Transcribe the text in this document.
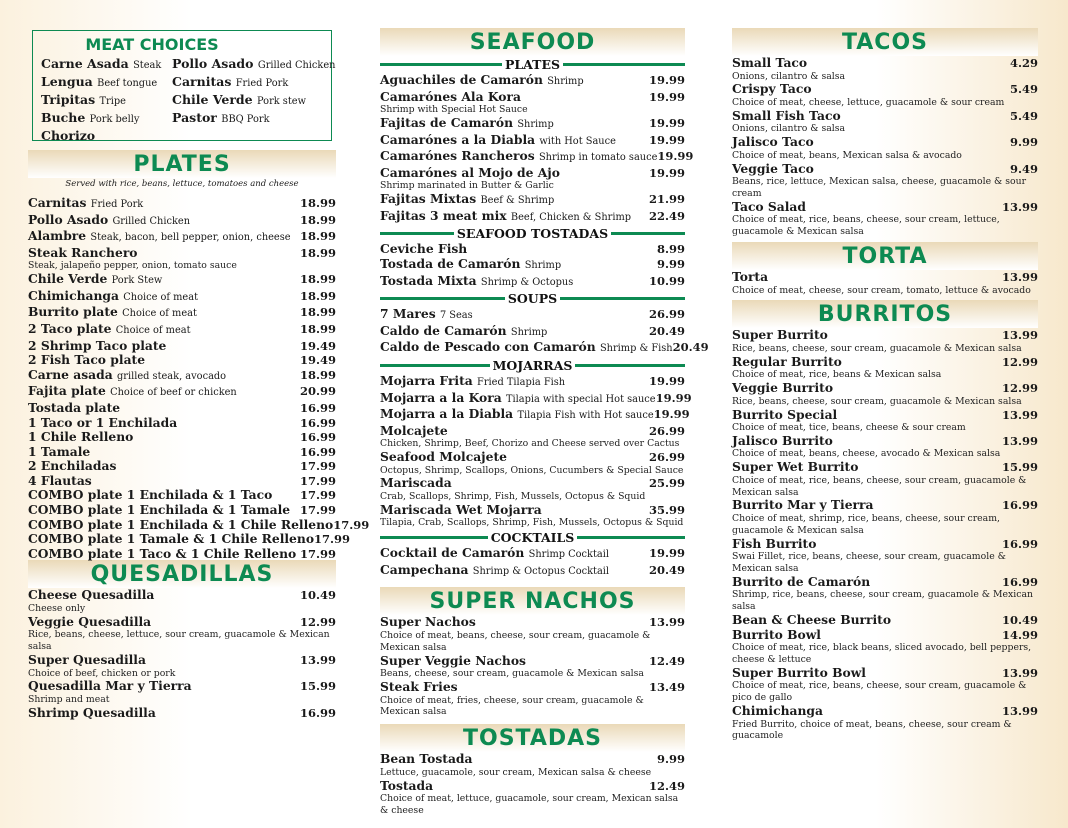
MEAT CHOICES
Carne Asada Steak Pollo Asado Grilled Chicken
Lengua Beef tongue	Carnitas Fried Pork
Tripitas Tripe	Chile Verde Pork stew
Buche Pork belly	Pastor BBQ Pork
Chorizo
PLATES
Served with rice, beans, lettuce, tomatoes and cheese
Carnitas Fried Pork	18.99
Pollo Asado Grilled Chicken	18.99
Alambre Steak, bacon, bell pepper, onion, cheese 18.99
Steak Ranchero	18.99
Steak, jalapeño pepper, onion, tomato sauce
Chile Verde Pork Stew	18.99
Chimichanga Choice of meat	18.99
Burrito plate Choice of meat	18.99
2 Taco plate Choice of meat	18.99
2 Shrimp Taco plate	19.49
2 Fish Taco plate	19.49
Carne asada grilled steak, avocado	18.99
Fajita plate Choice of beef or chicken	20.99
Tostada plate	16.99
1 Taco or 1 Enchilada	16.99
1 Chile Relleno	16.99
1 Tamale	16.99
2 Enchiladas	17.99
4 Flautas	17.99
COMBO plate 1 Enchilada & 1 Taco 17.99
COMBO plate 1 Enchilada & 1 Tamale 17.99
COMBO plate 1 Enchilada & 1 Chile Relleno 17.99
COMBO plate 1 Tamale & 1 Chile Relleno 17.99
COMBO plate 1 Taco & 1 Chile Relleno 17.99
QUESADILLAS
Cheese Quesadilla	10.49
Cheese only
Veggie Quesadilla	12.99
Rice, beans, cheese, lettuce, sour cream, guacamole & Mexican salsa
Super Quesadilla	13.99
Choice of beef, chicken or pork
Quesadilla Mar y Tierra	15.99
Shrimp and meat
Shrimp Quesadilla	16.99
SEAFOOD
PLATES
Aguachiles de Camarón Shrimp	19.99
Camarónes Ala Kora	19.99
Shrimp with Special Hot Sauce
Fajitas de Camarón Shrimp	19.99
Camarónes a la Diabla with Hot Sauce	19.99
Camarónes Rancheros Shrimp in tomato sauce 19.99
Camarónes al Mojo de Ajo	19.99
Shrimp marinated in Butter & Garlic
Fajitas Mixtas Beef & Shrimp	21.99
Fajitas 3 meat mix Beef, Chicken & Shrimp 22.49
SEAFOOD TOSTADAS
Ceviche Fish	8.99
Tostada de Camarón Shrimp	9.99
Tostada Mixta Shrimp & Octopus	10.99
SOUPS
7 Mares 7 Seas	26.99
Caldo de Camarón Shrimp	20.49
Caldo de Pescado con Camarón Shrimp & Fish 20.49
MOJARRAS
Mojarra Frita Fried Tilapia Fish	19.99
Mojarra a la Kora Tilapia with special Hot sauce 19.99
Mojarra a la Diabla Tilapia Fish with Hot sauce 19.99
Molcajete	26.99
Chicken, Shrimp, Beef, Chorizo and Cheese served over Cactus
Seafood Molcajete	26.99
Octopus, Shrimp, Scallops, Onions, Cucumbers & Special Sauce
Mariscada	25.99
Crab, Scallops, Shrimp, Fish, Mussels, Octopus & Squid
Mariscada Wet Mojarra	35.99
Tilapia, Crab, Scallops, Shrimp, Fish, Mussels, Octopus & Squid
COCKTAILS
Cocktail de Camarón Shrimp Cocktail	19.99
Campechana Shrimp & Octopus Cocktail	20.49
SUPER NACHOS
Super Nachos	13.99
Choice of meat, beans, cheese, sour cream, guacamole & Mexican salsa
Super Veggie Nachos	12.49
Beans, cheese, sour cream, guacamole & Mexican salsa
Steak Fries	13.49
Choice of meat, fries, cheese, sour cream, guacamole & Mexican salsa
TOSTADAS
Bean Tostada	9.99
Lettuce, guacamole, sour cream, Mexican salsa & cheese
Tostada	12.49
Choice of meat, lettuce, guacamole, sour cream, Mexican salsa & cheese
TACOS
Small Taco	4.29
Onions, cilantro & salsa
Crispy Taco	5.49
Choice of meat, cheese, lettuce, guacamole & sour cream
Small Fish Taco	5.49
Onions, cilantro & salsa
Jalisco Taco	9.99
Choice of meat, beans, Mexican salsa & avocado
Veggie Taco	9.49
Beans, rice, lettuce, Mexican salsa, cheese, guacamole & sour cream
Taco Salad	13.99
Choice of meat, rice, beans, cheese, sour cream, lettuce, guacamole & Mexican salsa
TORTA
Torta	13.99
Choice of meat, cheese, sour cream, tomato, lettuce & avocado
BURRITOS
Super Burrito	13.99
Rice, beans, cheese, sour cream, guacamole & Mexican salsa
Regular Burrito	12.99
Choice of meat, rice, beans & Mexican salsa
Veggie Burrito	12.99
Rice, beans, cheese, sour cream, guacamole & Mexican salsa
Burrito Special	13.99
Choice of meat, tice, beans, cheese & sour cream
Jalisco Burrito	13.99
Choice of meat, beans, cheese, avocado & Mexican salsa
Super Wet Burrito	15.99
Choice of meat, rice, beans, cheese, sour cream, guacamole & Mexican salsa
Burrito Mar y Tierra	16.99
Choice of meat, shrimp, rice, beans, cheese, sour cream, guacamole & Mexican salsa
Fish Burrito	16.99
Swai Fillet, rice, beans, cheese, sour cream, guacamole & Mexican salsa
Burrito de Camarón	16.99
Shrimp, rice, beans, cheese, sour cream, guacamole & Mexican salsa
Bean & Cheese Burrito	10.49
Burrito Bowl	14.99
Choice of meat, rice, black beans, sliced avocado, bell peppers, cheese & lettuce
Super Burrito Bowl	13.99
Choice of meat, rice, beans, cheese, sour cream, guacamole & pico de gallo
Chimichanga	13.99
Fried Burrito, choice of meat, beans, cheese, sour cream & guacamole
